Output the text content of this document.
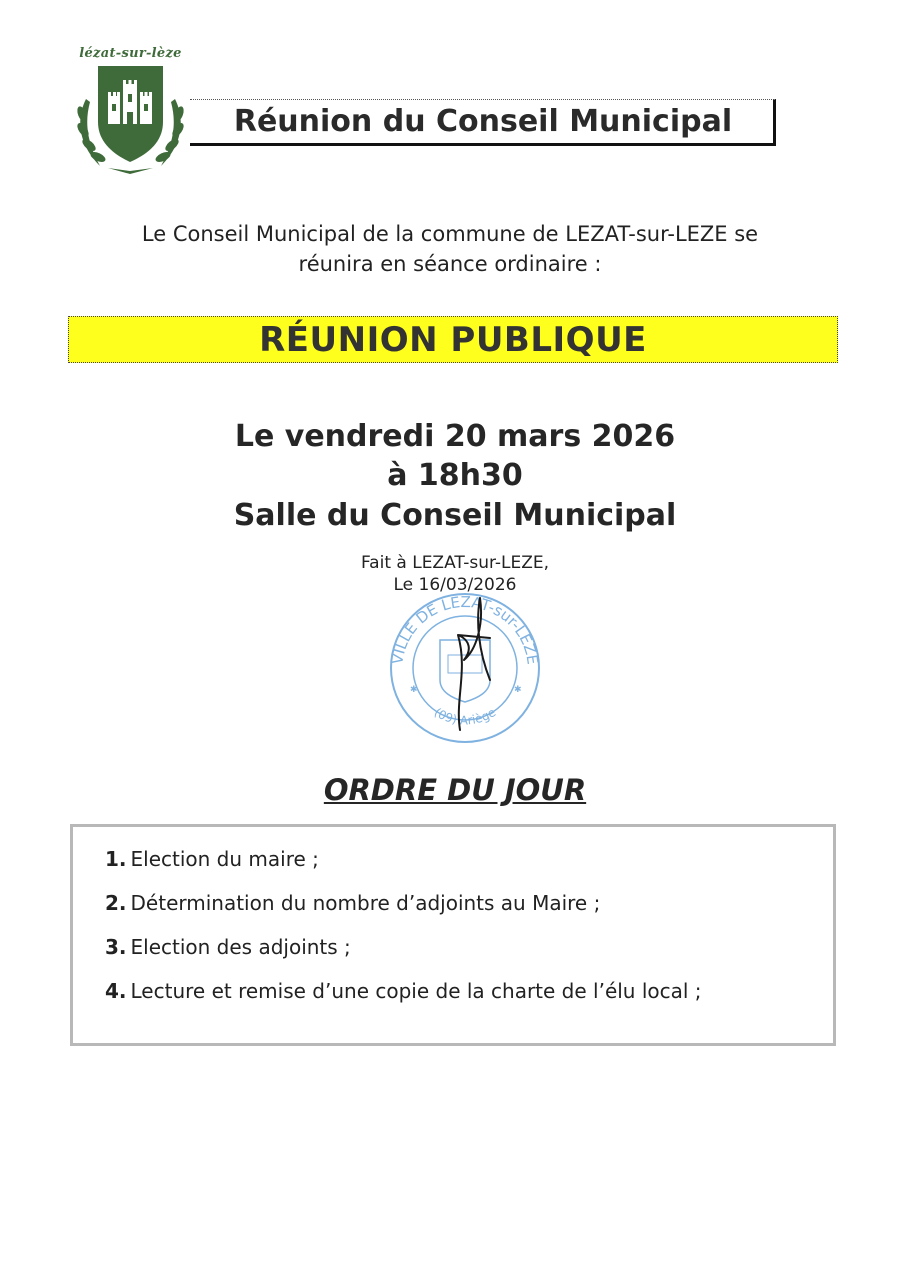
lézat-sur-lèze
Réunion du Conseil Municipal
Le Conseil Municipal de la commune de LEZAT-sur-LEZE se
réunira en séance ordinaire :
RÉUNION PUBLIQUE
Le vendredi 20 mars 2026
à 18h30
Salle du Conseil Municipal
Fait à LEZAT-sur-LEZE,
Le 16/03/2026
VILLE DE LEZAT-sur-LEZE
(09) Ariège
✱	✱
ORDRE DU JOUR
1. Election du maire ;
2. Détermination du nombre d’adjoints au Maire ;
3. Election des adjoints ;
4. Lecture et remise d’une copie de la charte de l’élu local ;
